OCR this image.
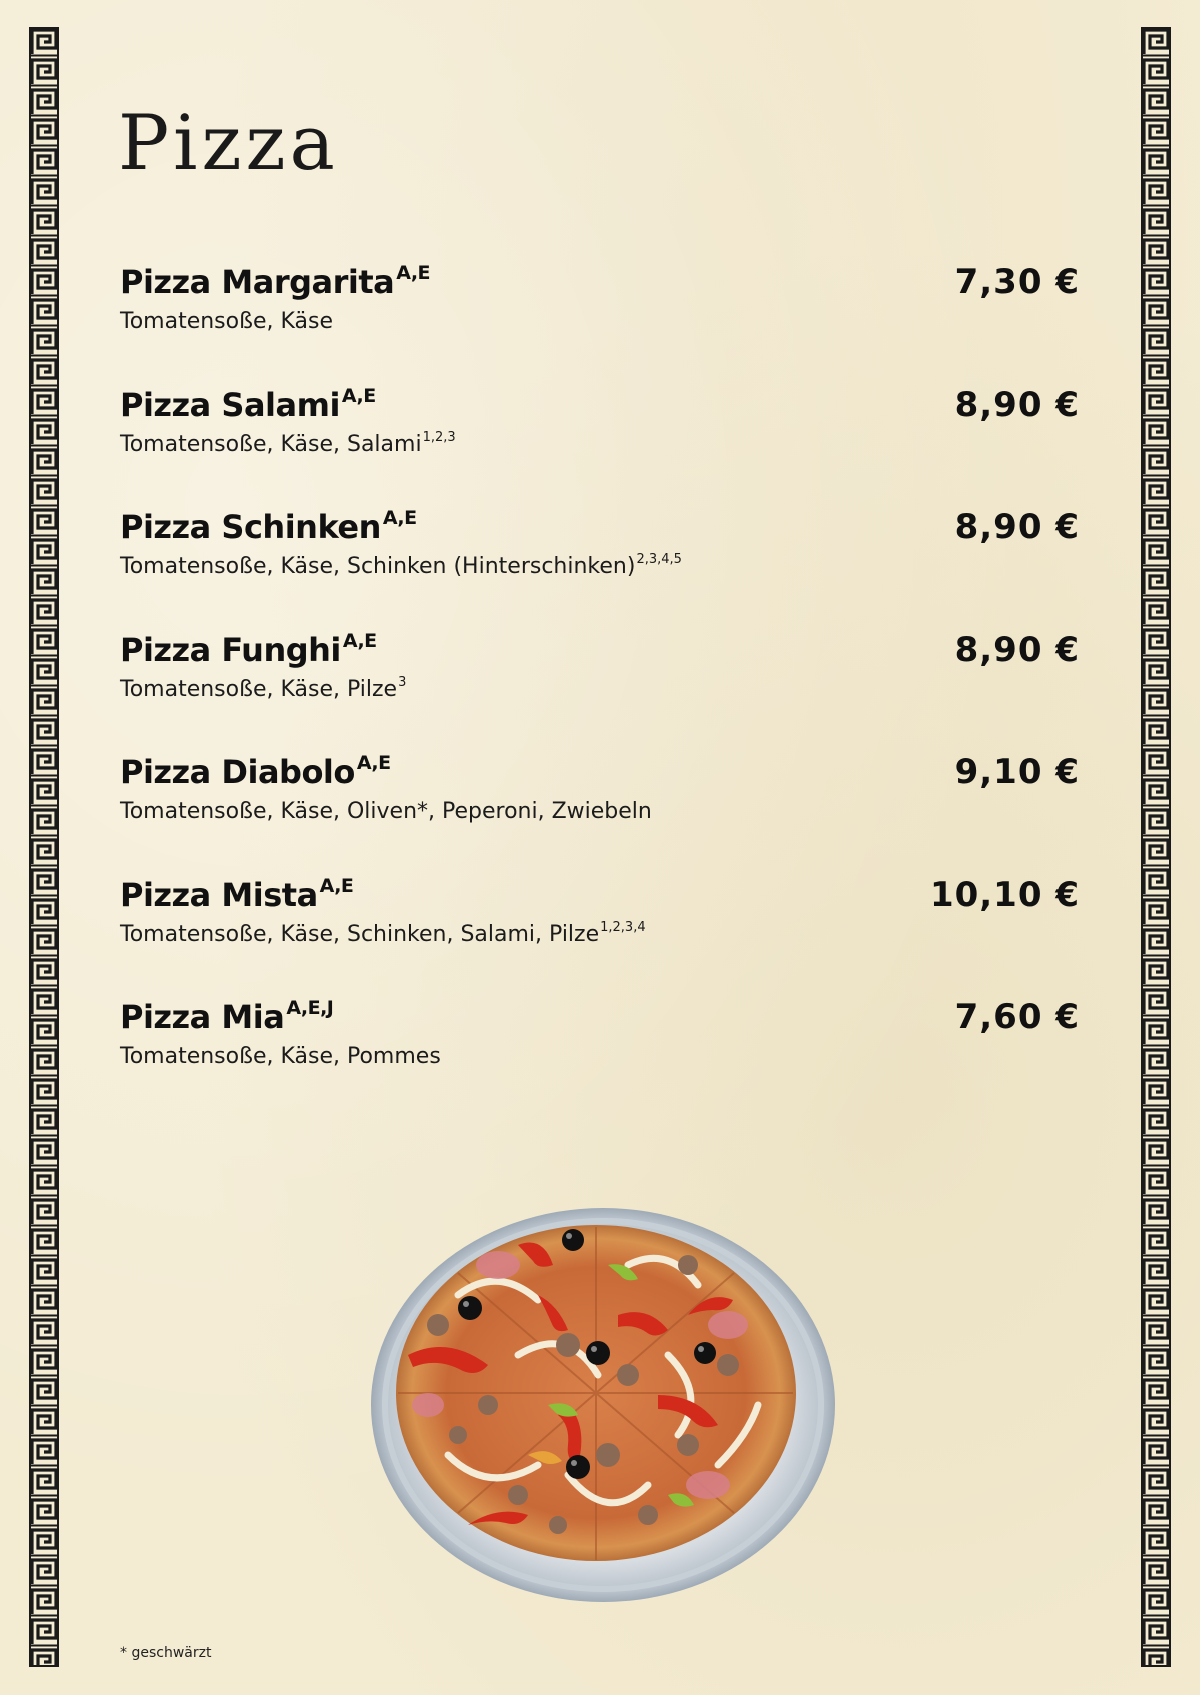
Pizza
Pizza Margarita $^{A,E}$	7,30 €
Tomatensoße, Käse
Pizza Salami $^{A,E}$	8,90 €
Tomatensoße, Käse, Salami$^{1,2,3}$
Pizza Schinken $^{A,E}$	8,90 €
Tomatensoße, Käse, Schinken (Hinterschinken)$^{2,3,4,5}$
Pizza Funghi $^{A,E}$	8,90 €
Tomatensoße, Käse, Pilze$^3$
Pizza Diabolo $^{A,E}$	9,10 €
Tomatensoße, Käse, Oliven*, Peperoni, Zwiebeln
Pizza Mista $^{A,E}$	10,10 €
Tomatensoße, Käse, Schinken, Salami, Pilze$^{1,2,3,4}$
Pizza Mia $^{A,E,J}$	7,60 €
Tomatensoße, Käse, Pommes
* geschwärzt
